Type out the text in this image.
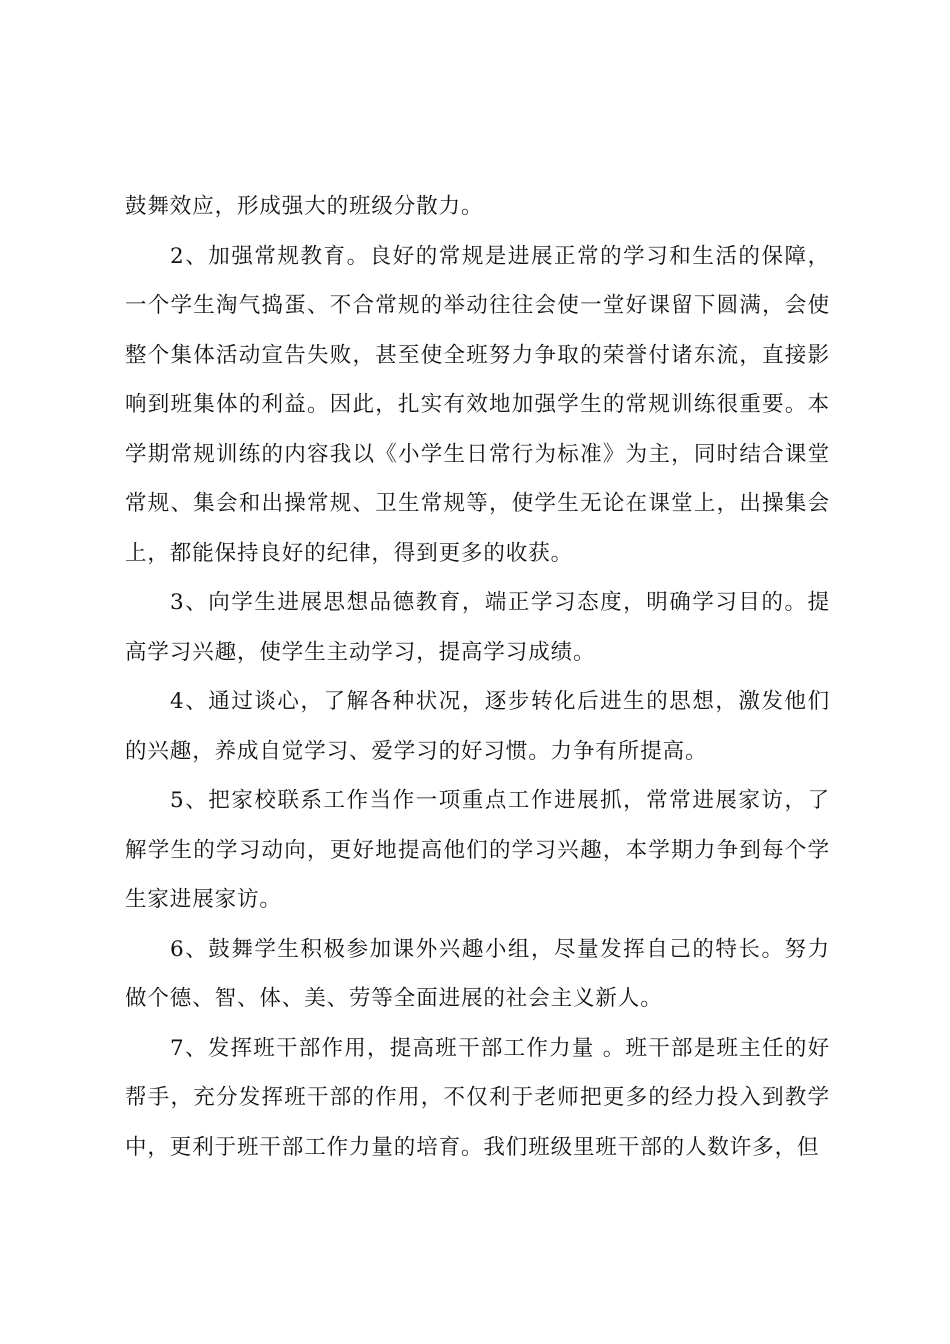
鼓舞效应，形成强大的班级分散力。

2、加强常规教育。良好的常规是进展正常的学习和生活的保障，一个学生淘气捣蛋、不合常规的举动往往会使一堂好课留下圆满，会使整个集体活动宣告失败，甚至使全班努力争取的荣誉付诸东流，直接影响到班集体的利益。因此，扎实有效地加强学生的常规训练很重要。本学期常规训练的内容我以《小学生日常行为标准》为主，同时结合课堂常规、集会和出操常规、卫生常规等，使学生无论在课堂上，出操集会上，都能保持良好的纪律，得到更多的收获。

3、向学生进展思想品德教育，端正学习态度，明确学习目的。提高学习兴趣，使学生主动学习，提高学习成绩。

4、通过谈心，了解各种状况，逐步转化后进生的思想，激发他们的兴趣，养成自觉学习、爱学习的好习惯。力争有所提高。

5、把家校联系工作当作一项重点工作进展抓，常常进展家访，了解学生的学习动向，更好地提高他们的学习兴趣，本学期力争到每个学生家进展家访。

6、鼓舞学生积极参加课外兴趣小组，尽量发挥自己的特长。努力做个德、智、体、美、劳等全面进展的社会主义新人。

7、发挥班干部作用，提高班干部工作力量 。班干部是班主任的好帮手，充分发挥班干部的作用，不仅利于老师把更多的经力投入到教学中，更利于班干部工作力量的培育。我们班级里班干部的人数许多，但
